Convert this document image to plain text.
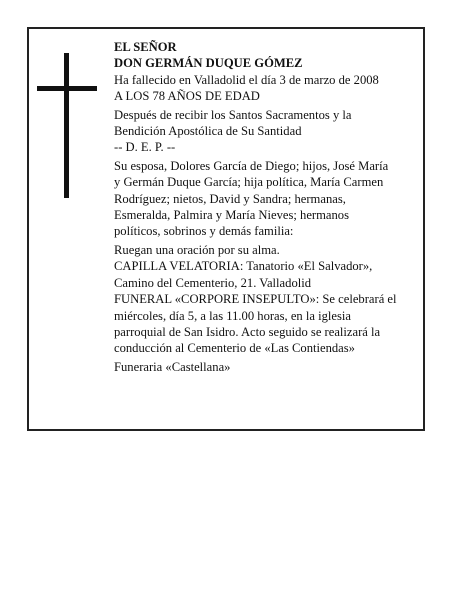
EL SEÑOR
DON GERMÁN DUQUE GÓMEZ
Ha fallecido en Valladolid el día 3 de marzo de 2008
A LOS 78 AÑOS DE EDAD
Después de recibir los Santos Sacramentos y la
Bendición Apostólica de Su Santidad
-- D. E. P. --
Su esposa, Dolores García de Diego; hijos, José María
y Germán Duque García; hija política, María Carmen
Rodríguez; nietos, David y Sandra; hermanas,
Esmeralda, Palmira y María Nieves; hermanos
políticos, sobrinos y demás familia:
Ruegan una oración por su alma.
CAPILLA VELATORIA: Tanatorio «El Salvador»,
Camino del Cementerio, 21. Valladolid
FUNERAL «CORPORE INSEPULTO»: Se celebrará el
miércoles, día 5, a las 11.00 horas, en la iglesia
parroquial de San Isidro. Acto seguido se realizará la
conducción al Cementerio de «Las Contiendas»
Funeraria «Castellana»
